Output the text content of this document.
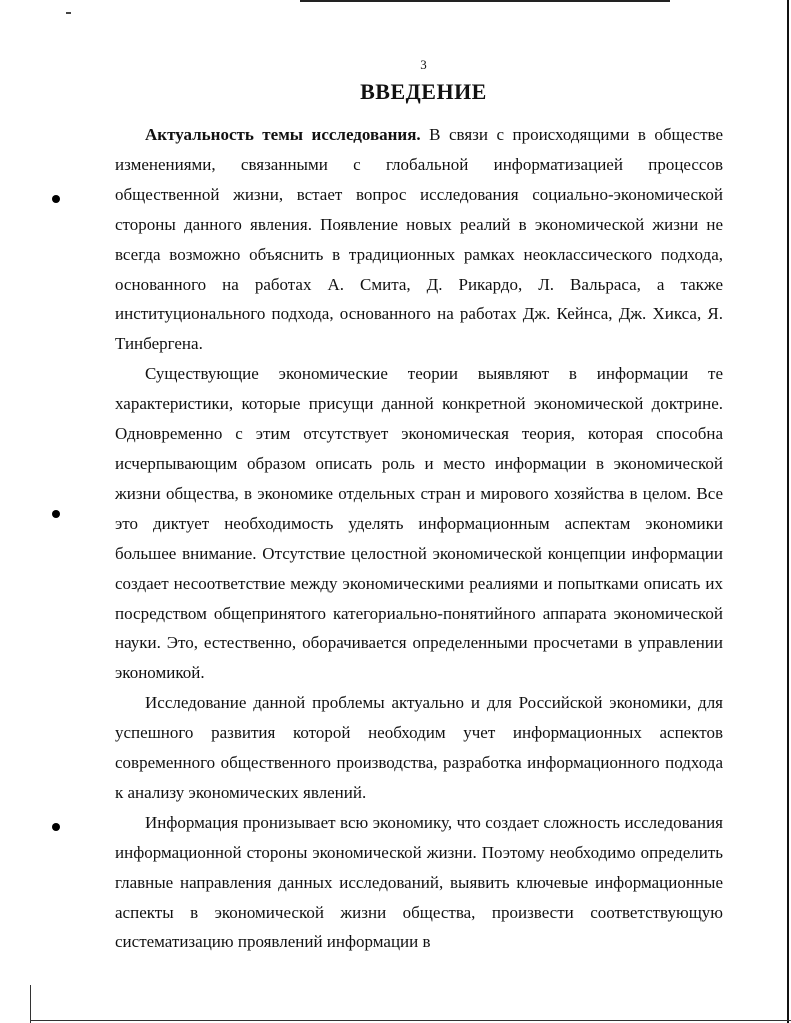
3
ВВЕДЕНИЕ

Актуальность темы исследования. В связи с происходящими в обществе изменениями, связанными с глобальной информатизацией процессов общественной жизни, встает вопрос исследования социально-экономической стороны данного явления. Появление новых реалий в экономической жизни не всегда возможно объяснить в традиционных рамках неоклассического подхода, основанного на работах А. Смита, Д. Рикардо, Л. Вальраса, а также институционального подхода, основанного на работах Дж. Кейнса, Дж. Хикса, Я. Тинбергена.

Существующие экономические теории выявляют в информации те характеристики, которые присущи данной конкретной экономической доктрине. Одновременно с этим отсутствует экономическая теория, которая способна исчерпывающим образом описать роль и место информации в экономической жизни общества, в экономике отдельных стран и мирового хозяйства в целом. Все это диктует необходимость уделять информационным аспектам экономики большее внимание. Отсутствие целостной экономической концепции информации создает несоответствие между экономическими реалиями и попытками описать их посредством общепринятого категориально-понятийного аппарата экономической науки. Это, естественно, оборачивается определенными просчетами в управлении экономикой.

Исследование данной проблемы актуально и для Российской экономики, для успешного развития которой необходим учет информационных аспектов современного общественного производства, разработка информационного подхода к анализу экономических явлений.

Информация пронизывает всю экономику, что создает сложность исследования информационной стороны экономической жизни. Поэтому необходимо определить главные направления данных исследований, выявить ключевые информационные аспекты в экономической жизни общества, произвести соответствующую систематизацию проявлений информации в
